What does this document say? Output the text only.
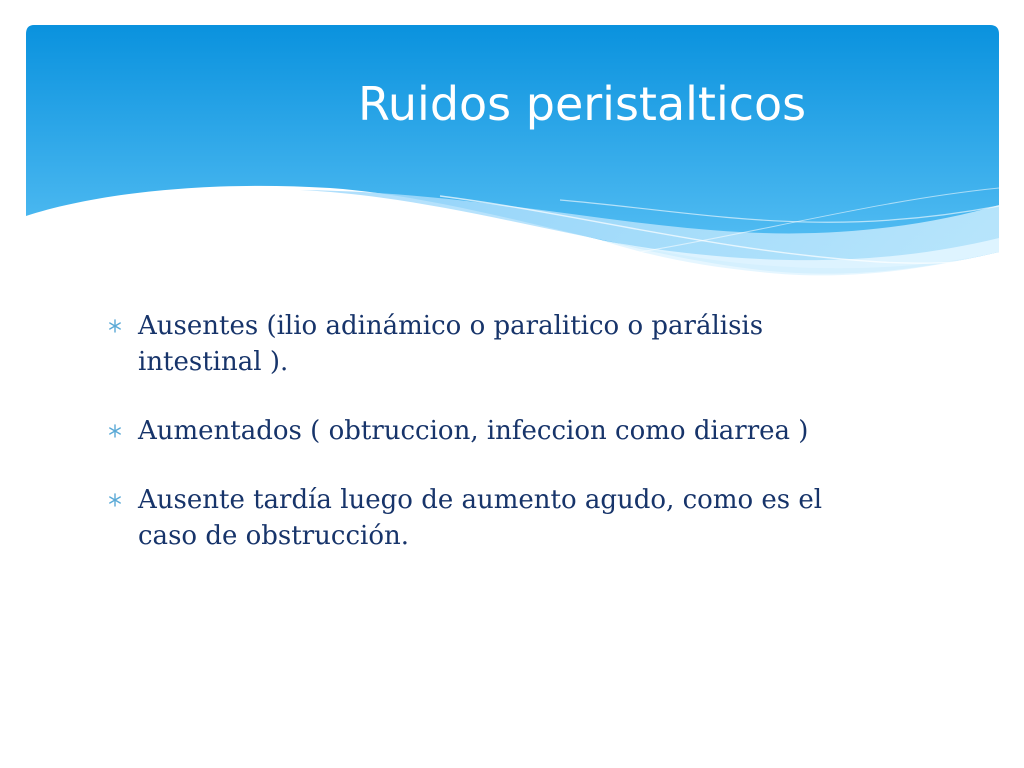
Ruidos peristalticos
Ausentes (ilio adinámico o paralitico o parálisis
intestinal ).
Aumentados ( obtruccion, infeccion como diarrea )
Ausente tardía luego de aumento agudo, como es el
caso de obstrucción.
